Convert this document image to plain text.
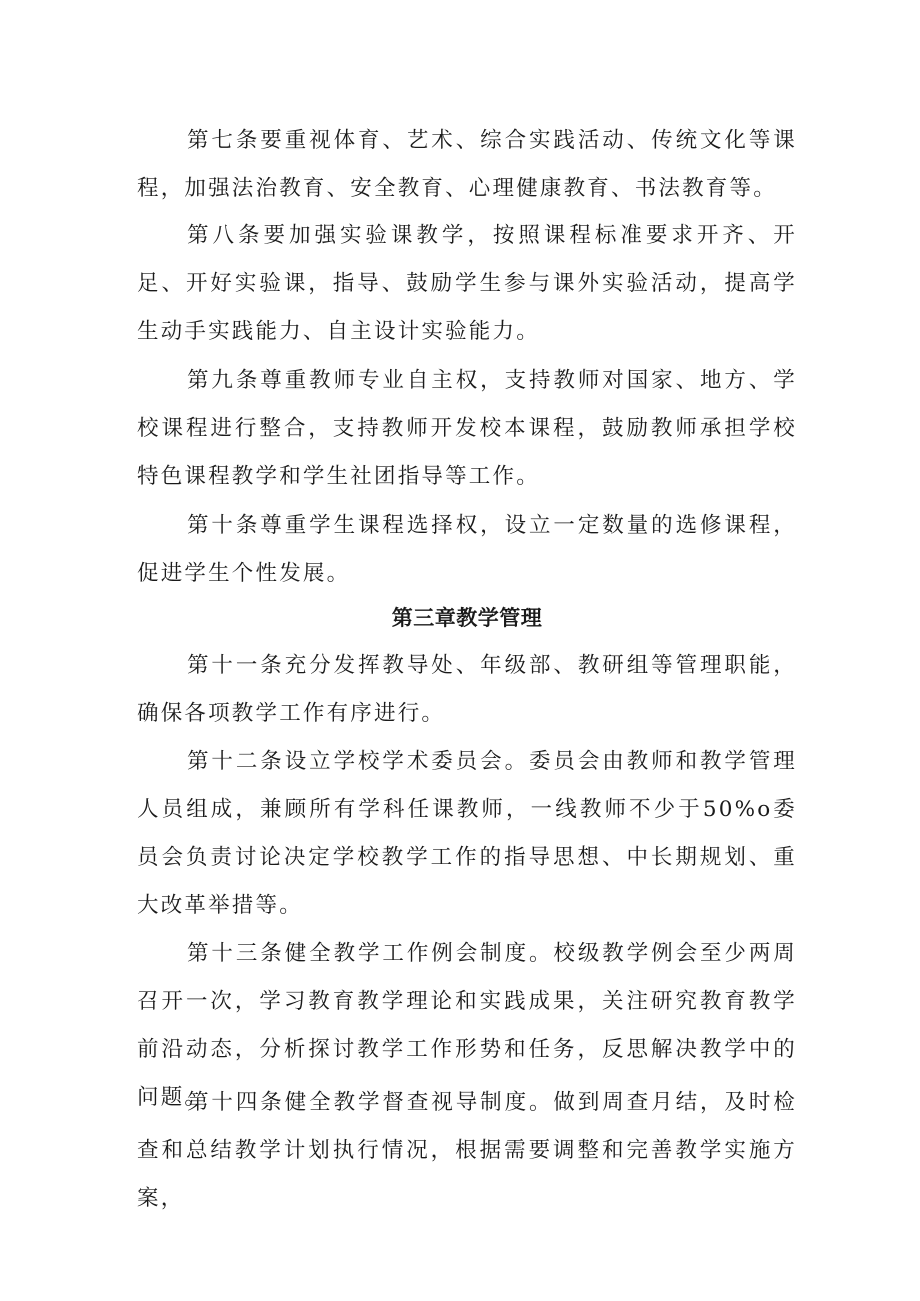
第七条要重视体育、艺术、综合实践活动、传统文化等课程，加强法治教育、安全教育、心理健康教育、书法教育等。

第八条要加强实验课教学，按照课程标准要求开齐、开足、开好实验课，指导、鼓励学生参与课外实验活动，提高学生动手实践能力、自主设计实验能力。

第九条尊重教师专业自主权，支持教师对国家、地方、学校课程进行整合，支持教师开发校本课程，鼓励教师承担学校特色课程教学和学生社团指导等工作。

第十条尊重学生课程选择权，设立一定数量的选修课程，促进学生个性发展。

第三章教学管理

第十一条充分发挥教导处、年级部、教研组等管理职能，确保各项教学工作有序进行。

第十二条设立学校学术委员会。委员会由教师和教学管理人员组成，兼顾所有学科任课教师，一线教师不少于50%o委员会负责讨论决定学校教学工作的指导思想、中长期规划、重大改革举措等。

第十三条健全教学工作例会制度。校级教学例会至少两周召开一次，学习教育教学理论和实践成果，关注研究教育教学前沿动态，分析探讨教学工作形势和任务，反思解决教学中的问题。

第十四条健全教学督查视导制度。做到周查月结，及时检查和总结教学计划执行情况，根据需要调整和完善教学实施方案，
